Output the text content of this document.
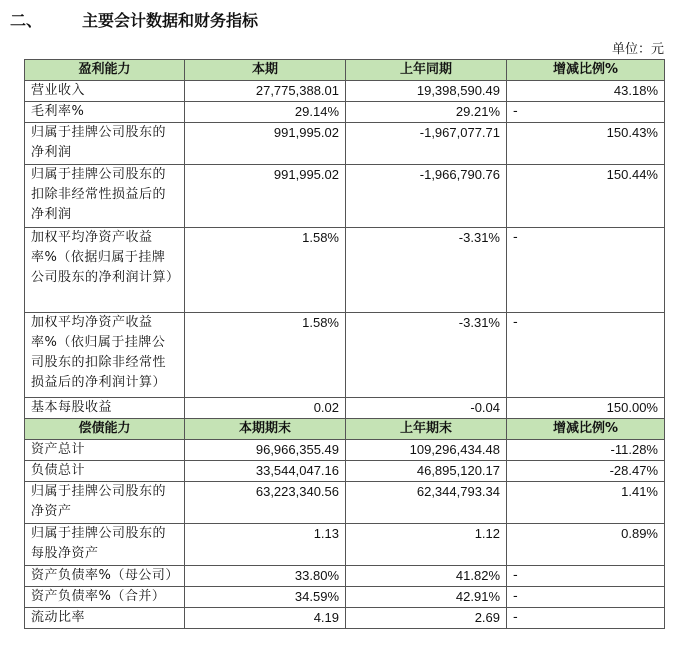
二、 主要会计数据和财务指标
单位：元
盈利能力	本期	上年同期	增减比例%
营业收入	27,775,388.01	19,398,590.49	43.18%
毛利率%	29.14%	29.21%	-
归属于挂牌公司股东的净利润	991,995.02	-1,967,077.71	150.43%
归属于挂牌公司股东的扣除非经常性损益后的净利润	991,995.02	-1,966,790.76	150.44%
加权平均净资产收益率%（依据归属于挂牌公司股东的净利润计算）	1.58%	-3.31%	-
加权平均净资产收益率%（依归属于挂牌公司股东的扣除非经常性损益后的净利润计算）	1.58%	-3.31%	-
基本每股收益	0.02	-0.04	150.00%
偿债能力	本期期末	上年期末	增减比例%
资产总计	96,966,355.49	109,296,434.48	-11.28%
负债总计	33,544,047.16	46,895,120.17	-28.47%
归属于挂牌公司股东的净资产	63,223,340.56	62,344,793.34	1.41%
归属于挂牌公司股东的每股净资产	1.13	1.12	0.89%
资产负债率%（母公司）	33.80%	41.82%	-
资产负债率%（合并）	34.59%	42.91%	-
流动比率	4.19	2.69	-
